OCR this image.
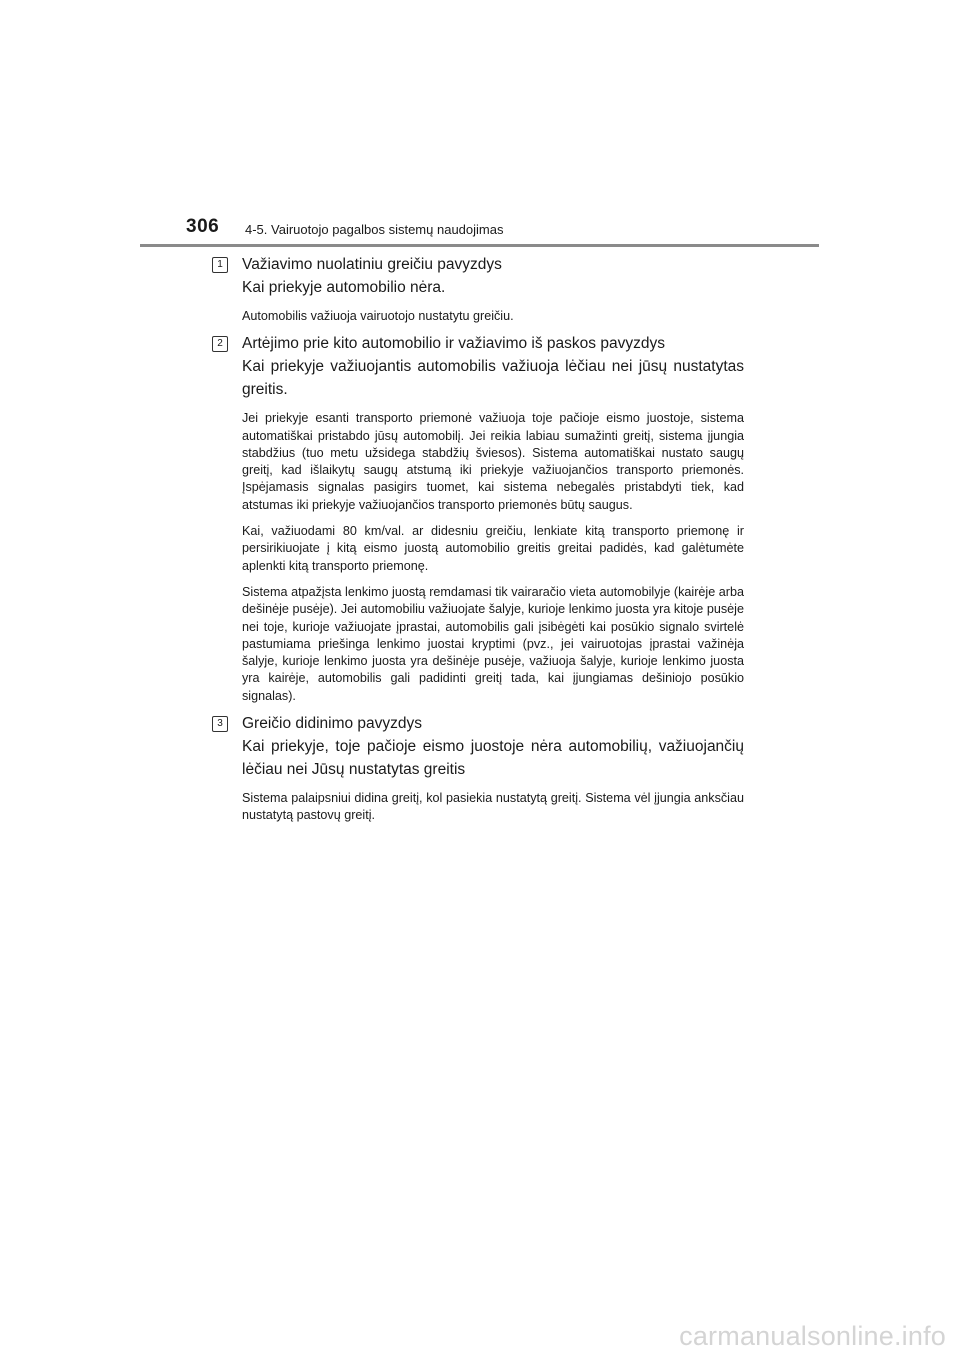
306 4-5. Vairuotojo pagalbos sistemų naudojimas
1	Važiavimo nuolatiniu greičiu pavyzdys
Kai priekyje automobilio nėra.
Automobilis važiuoja vairuotojo nustatytu greičiu.
2	Artėjimo prie kito automobilio ir važiavimo iš paskos pavyzdys
Kai priekyje važiuojantis automobilis važiuoja lėčiau nei jūsų nustatytas greitis.
Jei priekyje esanti transporto priemonė važiuoja toje pačioje eismo juostoje, sistema automatiškai pristabdo jūsų automobilį. Jei reikia labiau sumažinti greitį, sistema įjungia stabdžius (tuo metu užsidega stabdžių šviesos). Sistema automatiškai nustato saugų greitį, kad išlaikytų saugų atstumą iki priekyje važiuojančios transporto priemonės. Įspėjamasis signalas pasigirs tuomet, kai sistema nebegalės pristabdyti tiek, kad atstumas iki priekyje važiuojančios transporto priemonės būtų saugus.
Kai, važiuodami 80 km/val. ar didesniu greičiu, lenkiate kitą transporto priemonę ir persirikiuojate į kitą eismo juostą automobilio greitis greitai padidės, kad galėtumėte aplenkti kitą transporto priemonę.
Sistema atpažįsta lenkimo juostą remdamasi tik vairaračio vieta automobilyje (kairėje arba dešinėje pusėje). Jei automobiliu važiuojate šalyje, kurioje lenkimo juosta yra kitoje pusėje nei toje, kurioje važiuojate įprastai, automobilis gali įsibėgėti kai posūkio signalo svirtelė pastumiama priešinga lenkimo juostai kryptimi (pvz., jei vairuotojas įprastai važinėja šalyje, kurioje lenkimo juosta yra dešinėje pusėje, važiuoja šalyje, kurioje lenkimo juosta yra kairėje, automobilis gali padidinti greitį tada, kai įjungiamas dešiniojo posūkio signalas).
3	Greičio didinimo pavyzdys
Kai priekyje, toje pačioje eismo juostoje nėra automobilių, važiuojančių lėčiau nei Jūsų nustatytas greitis
Sistema palaipsniui didina greitį, kol pasiekia nustatytą greitį. Sistema vėl įjungia anksčiau nustatytą pastovų greitį.
carmanualsonline.info
